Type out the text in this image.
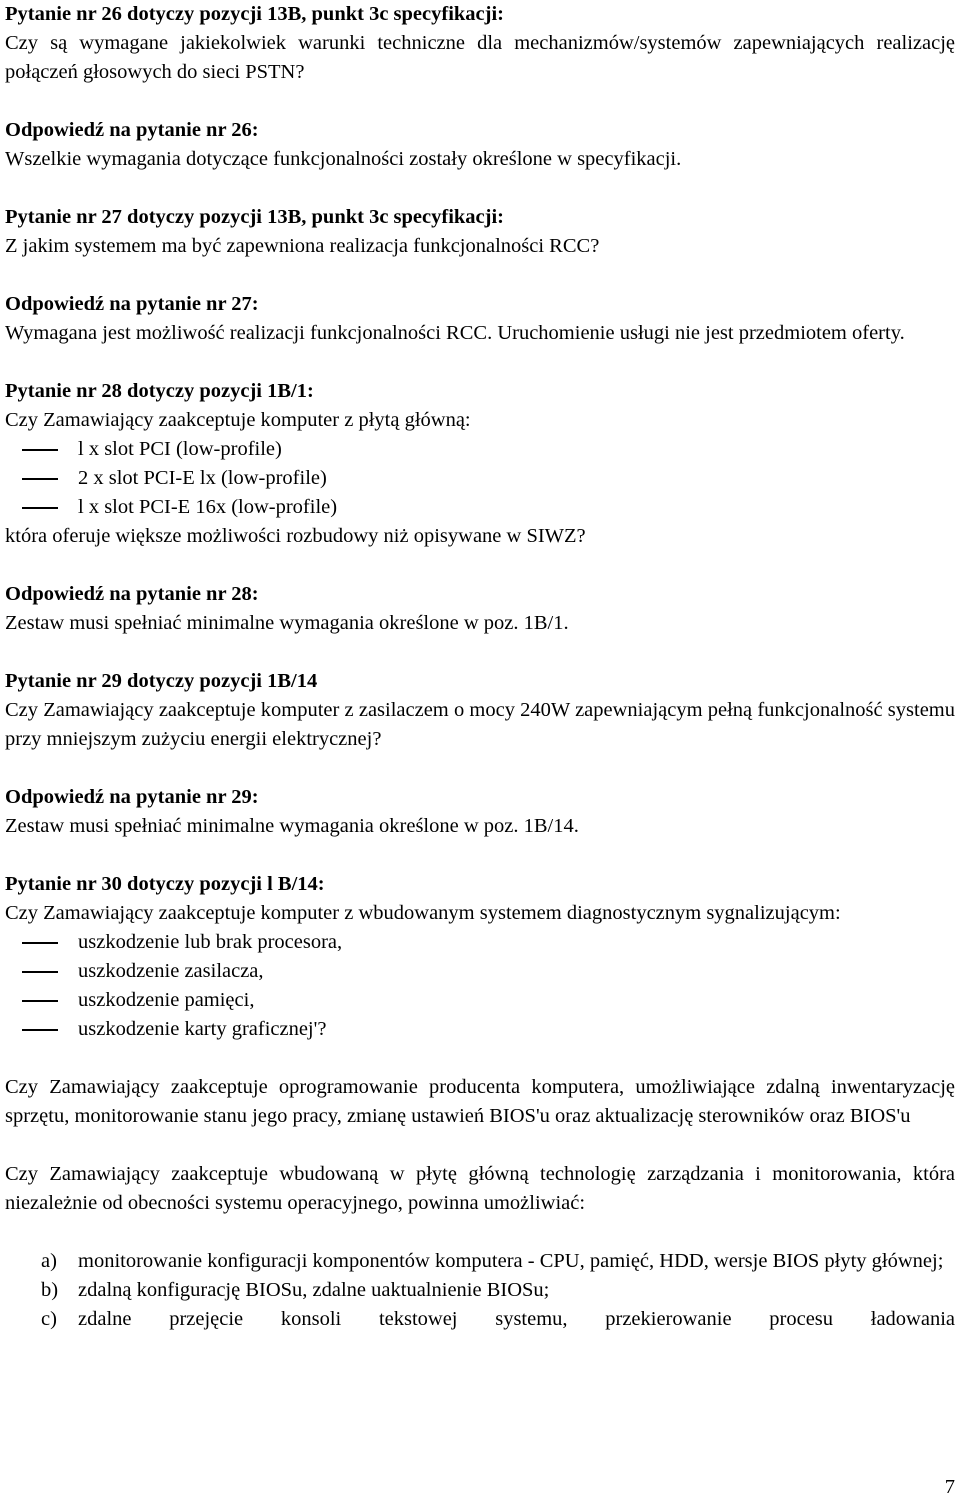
Pytanie nr 26 dotyczy pozycji 13B, punkt 3c specyfikacji:

Czy są wymagane jakiekolwiek warunki techniczne dla mechanizmów/systemów zapewniających realizację połączeń głosowych do sieci PSTN?

Odpowiedź na pytanie nr 26:

Wszelkie wymagania dotyczące funkcjonalności zostały określone w specyfikacji.

Pytanie nr 27 dotyczy pozycji 13B, punkt 3c specyfikacji:

Z jakim systemem ma być zapewniona realizacja funkcjonalności RCC?

Odpowiedź na pytanie nr 27:

Wymagana jest możliwość realizacji funkcjonalności RCC. Uruchomienie usługi nie jest przedmiotem oferty.

Pytanie nr 28 dotyczy pozycji 1B/1:

Czy Zamawiający zaakceptuje komputer z płytą główną:

l x slot PCI (low-profile)
2 x slot PCI-E lx (low-profile)
l x slot PCI-E 16x (low-profile)

która oferuje większe możliwości rozbudowy niż opisywane w SIWZ?

Odpowiedź na pytanie nr 28:

Zestaw musi spełniać minimalne wymagania określone w poz. 1B/1.

Pytanie nr 29 dotyczy pozycji 1B/14

Czy Zamawiający zaakceptuje komputer z zasilaczem o mocy 240W zapewniającym pełną funkcjonalność systemu przy mniejszym zużyciu energii elektrycznej?

Odpowiedź na pytanie nr 29:

Zestaw musi spełniać minimalne wymagania określone w poz. 1B/14.

Pytanie nr 30 dotyczy pozycji l B/14:

Czy Zamawiający zaakceptuje komputer z wbudowanym systemem diagnostycznym sygnalizującym:

uszkodzenie lub brak procesora,
uszkodzenie zasilacza,
uszkodzenie pamięci,
uszkodzenie karty graficznej'?

Czy Zamawiający zaakceptuje oprogramowanie producenta komputera, umożliwiające zdalną inwentaryzację sprzętu, monitorowanie stanu jego pracy, zmianę ustawień BIOS'u oraz aktualizację sterowników oraz BIOS'u

Czy Zamawiający zaakceptuje wbudowaną w płytę główną technologię zarządzania i monitorowania, która niezależnie od obecności systemu operacyjnego, powinna umożliwiać:

a) monitorowanie konfiguracji komponentów komputera - CPU, pamięć, HDD, wersje BIOS płyty głównej;
b) zdalną konfigurację BIOSu, zdalne uaktualnienie BIOSu;
c) zdalne przejęcie konsoli tekstowej systemu, przekierowanie procesu ładowania
7
